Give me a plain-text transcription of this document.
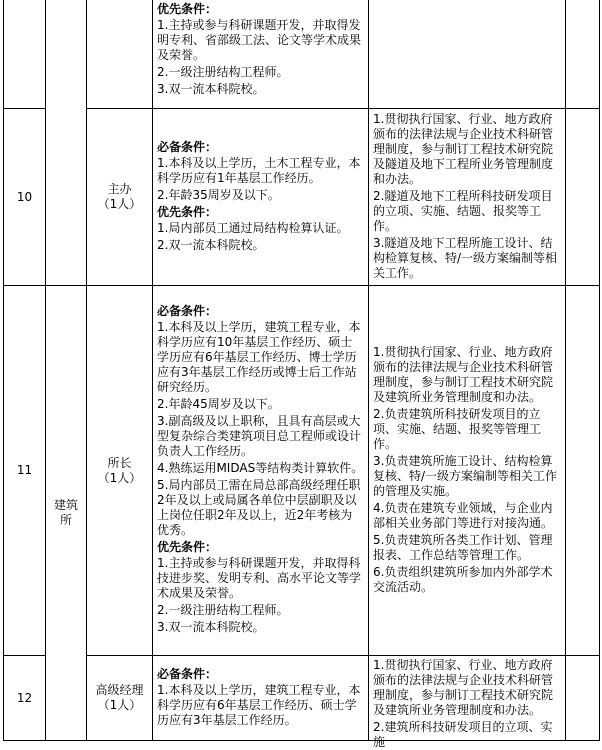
优先条件：

1.主持或参与科研课题开发，并取得发明专利、省部级工法、论文等学术成果及荣誉。

2.一级注册结构工程师。

3.双一流本科院校。

10
主办
（1人）

必备条件：

1.本科及以上学历，土木工程专业，本科学历应有1年基层工作经历。

2.年龄35周岁及以下。

优先条件：

1.局内部员工通过局结构检算认证。

2.双一流本科院校。

1.贯彻执行国家、行业、地方政府颁布的法律法规与企业技术科研管理制度，参与制订工程技术研究院及隧道及地下工程所业务管理制度和办法。

2.隧道及地下工程所科技研发项目的立项、实施、结题、报奖等工作。

3.隧道及地下工程所施工设计、结构检算复核、特/一级方案编制等相关工作。

11
建筑所
所长
（1人）

必备条件：

1.本科及以上学历，建筑工程专业，本科学历应有10年基层工作经历、硕士学历应有6年基层工作经历、博士学历应有3年基层工作经历或博士后工作站研究经历。

2.年龄45周岁及以下。

3.副高级及以上职称，且具有高层或大型复杂综合类建筑项目总工程师或设计负责人工作经历。

4.熟练运用MIDAS等结构类计算软件。

5.局内部员工需在局总部高级经理任职2年及以上或局属各单位中层副职及以上岗位任职2年及以上，近2年考核为优秀。

优先条件：

1.主持或参与科研课题开发，并取得科技进步奖、发明专利、高水平论文等学术成果及荣誉。

2.一级注册结构工程师。

3.双一流本科院校。

1.贯彻执行国家、行业、地方政府颁布的法律法规与企业技术科研管理制度，参与制订工程技术研究院及建筑所业务管理制度和办法。

2.负责建筑所科技研发项目的立项、实施、结题、报奖等管理工作。

3.负责建筑所施工设计、结构检算复核、特/一级方案编制等相关工作的管理及实施。

4.负责在建筑专业领域，与企业内部相关业务部门等进行对接沟通。

5.负责建筑所各类工作计划、管理报表、工作总结等管理工作。

6.负责组织建筑所参加内外部学术交流活动。

12
高级经理
（1人）

必备条件：

1.本科及以上学历，建筑工程专业，本科学历应有6年基层工作经历、硕士学历应有3年基层工作经历。

1.贯彻执行国家、行业、地方政府颁布的法律法规与企业技术科研管理制度，参与制订工程技术研究院及建筑所业务管理制度和办法。

2.建筑所科技研发项目的立项、实施
